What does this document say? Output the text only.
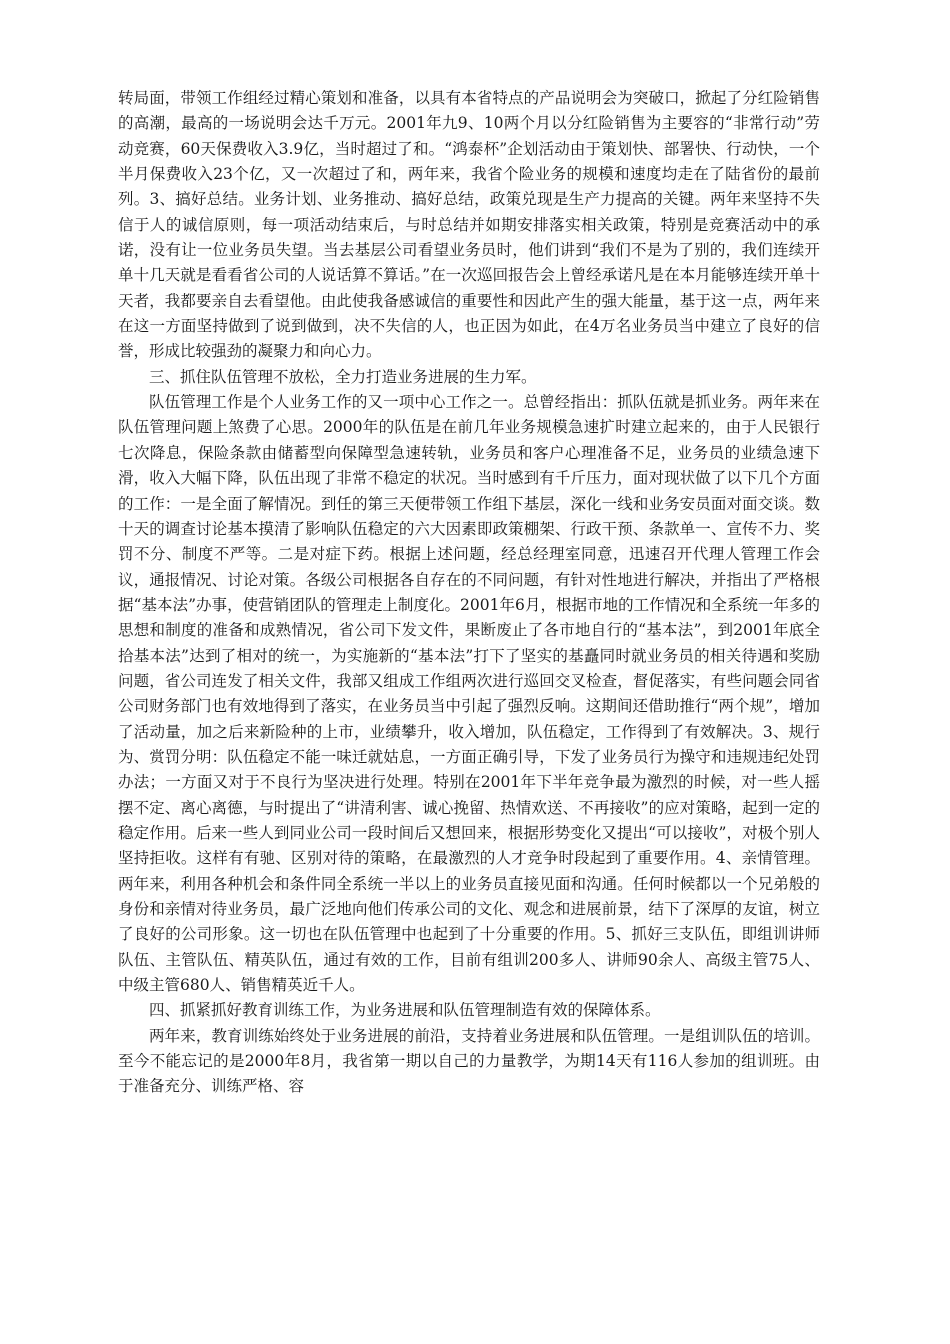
转局面，带领工作组经过精心策划和准备，以具有本省特点的产品说明会为突破口，掀起了分红险销售的高潮，最高的一场说明会达千万元。2001年九9、10两个月以分红险销售为主要容的“非常行动”劳动竞赛，60天保费收入3.9亿，当时超过了和。“鸿泰杯”企划活动由于策划快、部署快、行动快，一个半月保费收入23个亿，又一次超过了和，两年来，我省个险业务的规模和速度均走在了陆省份的最前列。3、搞好总结。业务计划、业务推动、搞好总结，政策兑现是生产力提高的关键。两年来坚持不失信于人的诚信原则，每一项活动结束后，与时总结并如期安排落实相关政策，特别是竞赛活动中的承诺，没有让一位业务员失望。当去基层公司看望业务员时，他们讲到“我们不是为了别的，我们连续开单十几天就是看看省公司的人说话算不算话。”在一次巡回报告会上曾经承诺凡是在本月能够连续开单十天者，我都要亲自去看望他。由此使我备感诚信的重要性和因此产生的强大能量，基于这一点，两年来在这一方面坚持做到了说到做到，决不失信的人，也正因为如此，在4万名业务员当中建立了良好的信誉，形成比较强劲的凝聚力和向心力。

三、抓住队伍管理不放松，全力打造业务进展的生力军。

队伍管理工作是个人业务工作的又一项中心工作之一。总曾经指出：抓队伍就是抓业务。两年来在队伍管理问题上煞费了心思。2000年的队伍是在前几年业务规模急速扩时建立起来的，由于人民银行七次降息，保险条款由储蓄型向保障型急速转轨，业务员和客户心理准备不足，业务员的业绩急速下滑，收入大幅下降，队伍出现了非常不稳定的状况。当时感到有千斤压力，面对现状做了以下几个方面的工作：一是全面了解情况。到任的第三天便带领工作组下基层，深化一线和业务安员面对面交谈。数十天的调查讨论基本摸清了影响队伍稳定的六大因素即政策棚架、行政干预、条款单一、宣传不力、奖罚不分、制度不严等。二是对症下药。根据上述问题，经总经理室同意，迅速召开代理人管理工作会议，通报情况、讨论对策。各级公司根据各自存在的不同问题，有针对性地进行解决，并指出了严格根据“基本法”办事，使营销团队的管理走上制度化。2001年6月，根据市地的工作情况和全系统一年多的思想和制度的准备和成熟情况，省公司下发文件，果断废止了各市地自行的“基本法”，到2001年底全拾基本法”达到了相对的统一，为实施新的“基本法”打下了坚实的基矗同时就业务员的相关待遇和奖励问题，省公司连发了相关文件，我部又组成工作组两次进行巡回交叉检查，督促落实，有些问题会同省公司财务部门也有效地得到了落实，在业务员当中引起了强烈反响。这期间还借助推行“两个规”，增加了活动量，加之后来新险种的上市，业绩攀升，收入增加，队伍稳定，工作得到了有效解决。3、规行为、赏罚分明：队伍稳定不能一味迁就姑息，一方面正确引导，下发了业务员行为操守和违规违纪处罚办法；一方面又对于不良行为坚决进行处理。特别在2001年下半年竞争最为激烈的时候，对一些人摇摆不定、离心离德，与时提出了“讲清利害、诚心挽留、热情欢送、不再接收”的应对策略，起到一定的稳定作用。后来一些人到同业公司一段时间后又想回来，根据形势变化又提出“可以接收”，对极个别人坚持拒收。这样有有驰、区别对待的策略，在最激烈的人才竞争时段起到了重要作用。4、亲情管理。两年来，利用各种机会和条件同全系统一半以上的业务员直接见面和沟通。任何时候都以一个兄弟般的身份和亲情对待业务员，最广泛地向他们传承公司的文化、观念和进展前景，结下了深厚的友谊，树立了良好的公司形象。这一切也在队伍管理中也起到了十分重要的作用。5、抓好三支队伍，即组训讲师队伍、主管队伍、精英队伍，通过有效的工作，目前有组训200多人、讲师90余人、高级主管75人、中级主管680人、销售精英近千人。

四、抓紧抓好教育训练工作，为业务进展和队伍管理制造有效的保障体系。

两年来，教育训练始终处于业务进展的前沿，支持着业务进展和队伍管理。一是组训队伍的培训。至今不能忘记的是2000年8月，我省第一期以自己的力量教学，为期14天有116人参加的组训班。由于准备充分、训练严格、容
